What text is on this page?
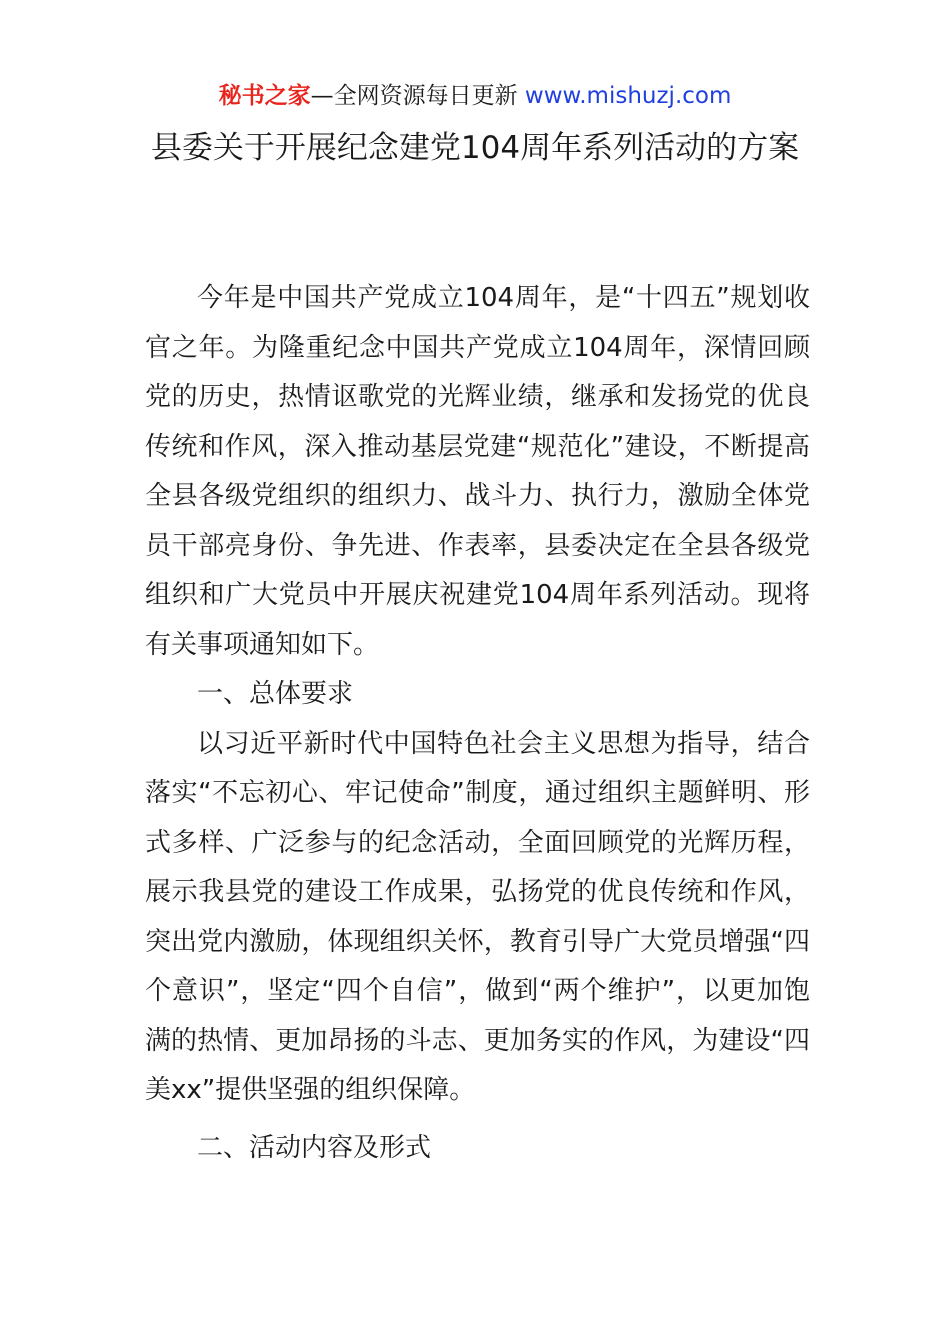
秘书之家—全网资源每日更新 www.mishuzj.com
县委关于开展纪念建党104周年系列活动的方案

今年是中国共产党成立104周年，是“十四五”规划收官之年。为隆重纪念中国共产党成立104周年，深情回顾党的历史，热情讴歌党的光辉业绩，继承和发扬党的优良传统和作风，深入推动基层党建“规范化”建设，不断提高全县各级党组织的组织力、战斗力、执行力，激励全体党员干部亮身份、争先进、作表率，县委决定在全县各级党组织和广大党员中开展庆祝建党104周年系列活动。现将有关事项通知如下。

一、总体要求

以习近平新时代中国特色社会主义思想为指导，结合落实“不忘初心、牢记使命”制度，通过组织主题鲜明、形式多样、广泛参与的纪念活动，全面回顾党的光辉历程，展示我县党的建设工作成果，弘扬党的优良传统和作风，突出党内激励，体现组织关怀，教育引导广大党员增强“四个意识”，坚定“四个自信”，做到“两个维护”，以更加饱满的热情、更加昂扬的斗志、更加务实的作风，为建设“四美xx”提供坚强的组织保障。

二、活动内容及形式
